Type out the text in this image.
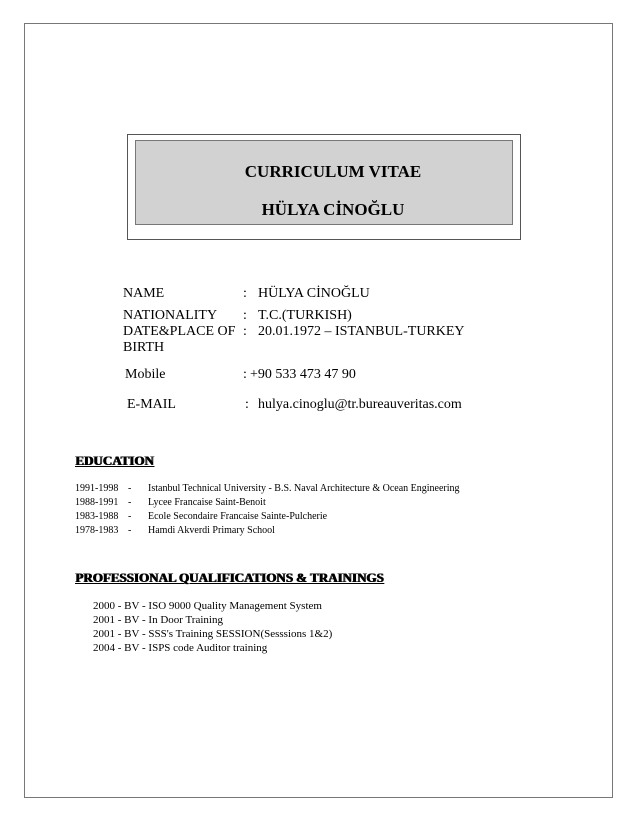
CURRICULUM VITAE
HÜLYA CİNOĞLU
NAME	: HÜLYA CİNOĞLU
NATIONALITY : T.C.(TURKISH)
DATE&PLACE OF : 20.01.1972 – ISTANBUL-TURKEY
BIRTH
Mobile	: +90 533 473 47 90
E-MAIL	: hulya.cinoglu@tr.bureauveritas.com
EDUCATION
1991-1998 - Istanbul Technical University - B.S. Naval Architecture & Ocean Engineering
1988-1991 - Lycee Francaise Saint-Benoit
1983-1988 - Ecole Secondaire Francaise Sainte-Pulcherie
1978-1983 - Hamdi Akverdi Primary School
PROFESSIONAL QUALIFICATIONS & TRAININGS
2000 - BV - ISO 9000 Quality Management System
2001 - BV - In Door Training
2001 - BV - SSS's Training SESSION(Sesssions 1&2)
2004 - BV - ISPS code Auditor training
